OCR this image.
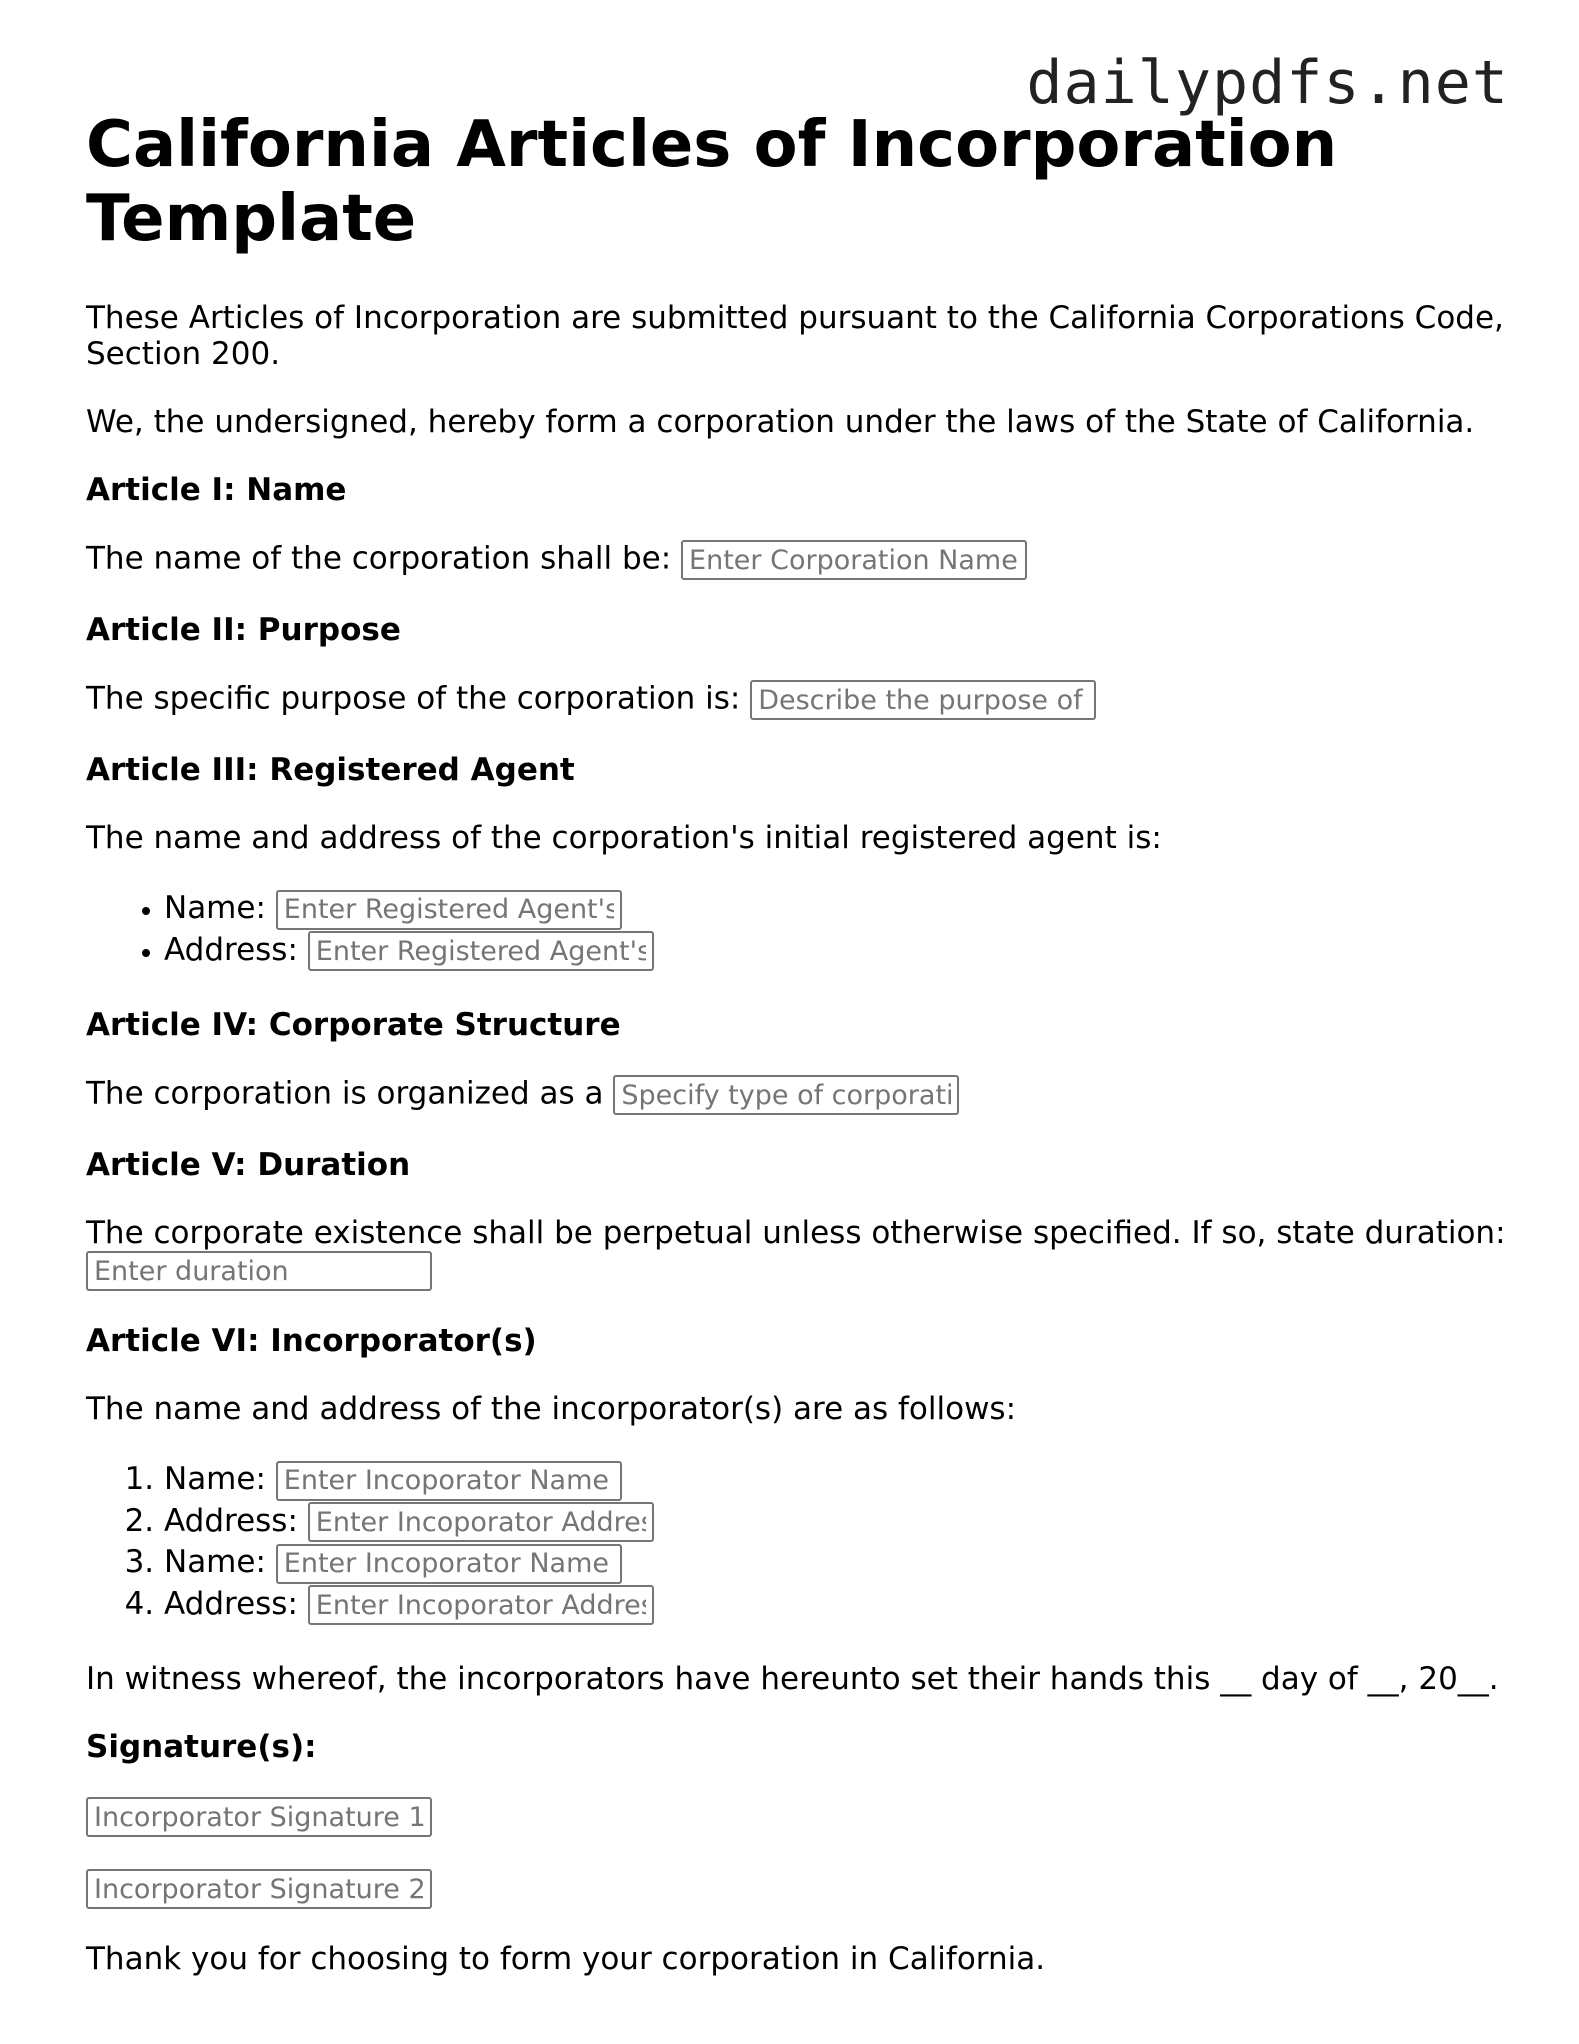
dailypdfs.net
California Articles of Incorporation Template

These Articles of Incorporation are submitted pursuant to the California Corporations Code, Section 200.

We, the undersigned, hereby form a corporation under the laws of the State of California.

Article I: Name

The name of the corporation shall be: Enter Corporation Name

Article II: Purpose

The specific purpose of the corporation is: Describe the purpose of the corporation

Article III: Registered Agent

The name and address of the corporation's initial registered agent is:

• Name: Enter Registered Agent's Name
• Address: Enter Registered Agent's Address
Article IV: Corporate Structure

The corporation is organized as a Specify type of corporation

Article V: Duration

The corporate existence shall be perpetual unless otherwise specified. If so, state duration: Enter duration

Article VI: Incorporator(s)

The name and address of the incorporator(s) are as follows:

1. Name: Enter Incoporator Name 1
2. Address: Enter Incoporator Address 1
3. Name: Enter Incoporator Name 2
4. Address: Enter Incoporator Address 2

In witness whereof, the incorporators have hereunto set their hands this __ day of __, 20__.

Signature(s):
Incorporator Signature 1
Incorporator Signature 2

Thank you for choosing to form your corporation in California.
